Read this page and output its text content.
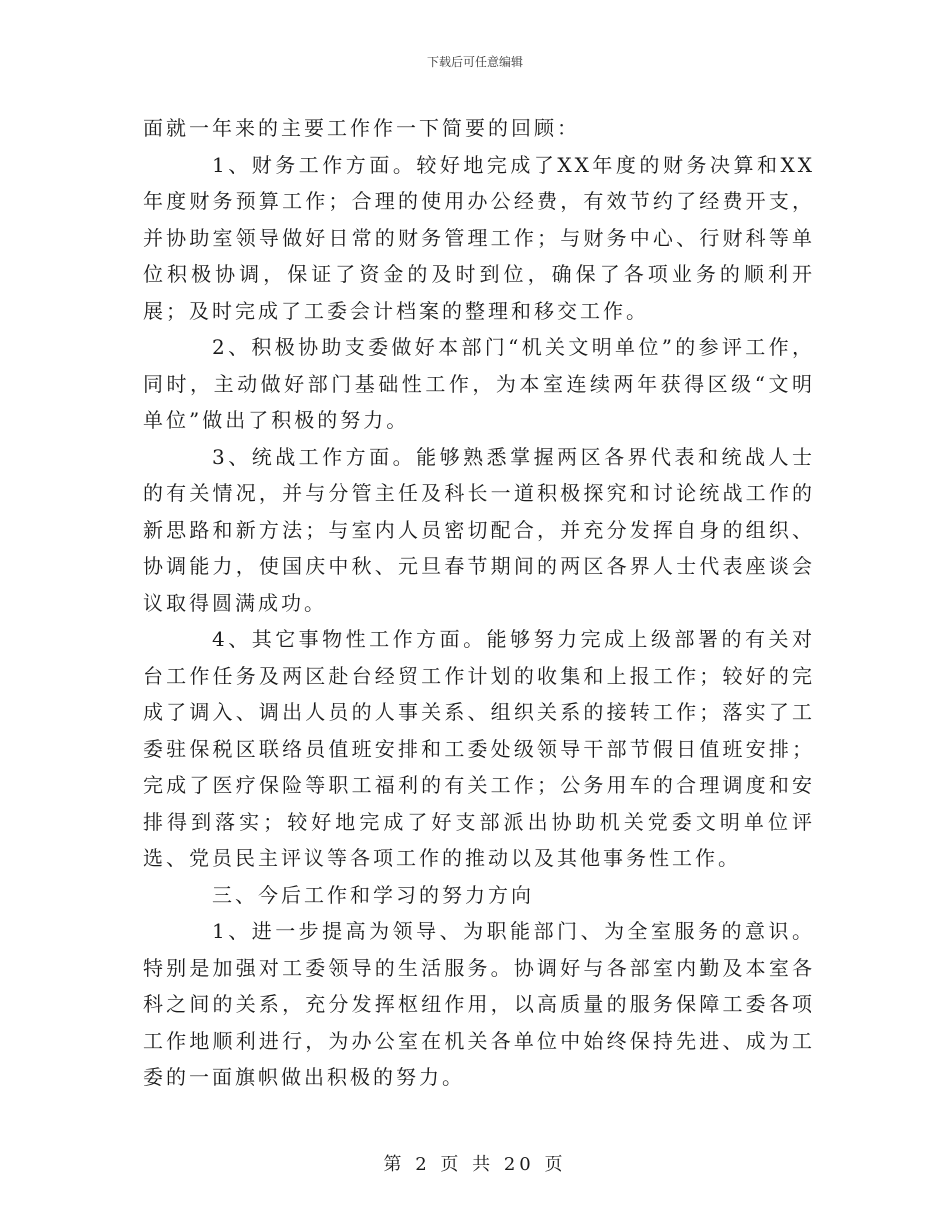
下载后可任意编辑

面就一年来的主要工作作一下简要的回顾：

1、财务工作方面。较好地完成了XX年度的财务决算和XX年度财务预算工作；合理的使用办公经费，有效节约了经费开支，并协助室领导做好日常的财务管理工作；与财务中心、行财科等单位积极协调，保证了资金的及时到位，确保了各项业务的顺利开展；及时完成了工委会计档案的整理和移交工作。

2、积极协助支委做好本部门“机关文明单位”的参评工作，同时，主动做好部门基础性工作，为本室连续两年获得区级“文明单位”做出了积极的努力。

3、统战工作方面。能够熟悉掌握两区各界代表和统战人士的有关情况，并与分管主任及科长一道积极探究和讨论统战工作的新思路和新方法；与室内人员密切配合，并充分发挥自身的组织、协调能力，使国庆中秋、元旦春节期间的两区各界人士代表座谈会议取得圆满成功。

4、其它事物性工作方面。能够努力完成上级部署的有关对台工作任务及两区赴台经贸工作计划的收集和上报工作；较好的完成了调入、调出人员的人事关系、组织关系的接转工作；落实了工委驻保税区联络员值班安排和工委处级领导干部节假日值班安排；完成了医疗保险等职工福利的有关工作；公务用车的合理调度和安排得到落实；较好地完成了好支部派出协助机关党委文明单位评选、党员民主评议等各项工作的推动以及其他事务性工作。

三、今后工作和学习的努力方向

1、进一步提高为领导、为职能部门、为全室服务的意识。特别是加强对工委领导的生活服务。协调好与各部室内勤及本室各科之间的关系，充分发挥枢纽作用，以高质量的服务保障工委各项工作地顺利进行，为办公室在机关各单位中始终保持先进、成为工委的一面旗帜做出积极的努力。

第 2 页 共 20 页
